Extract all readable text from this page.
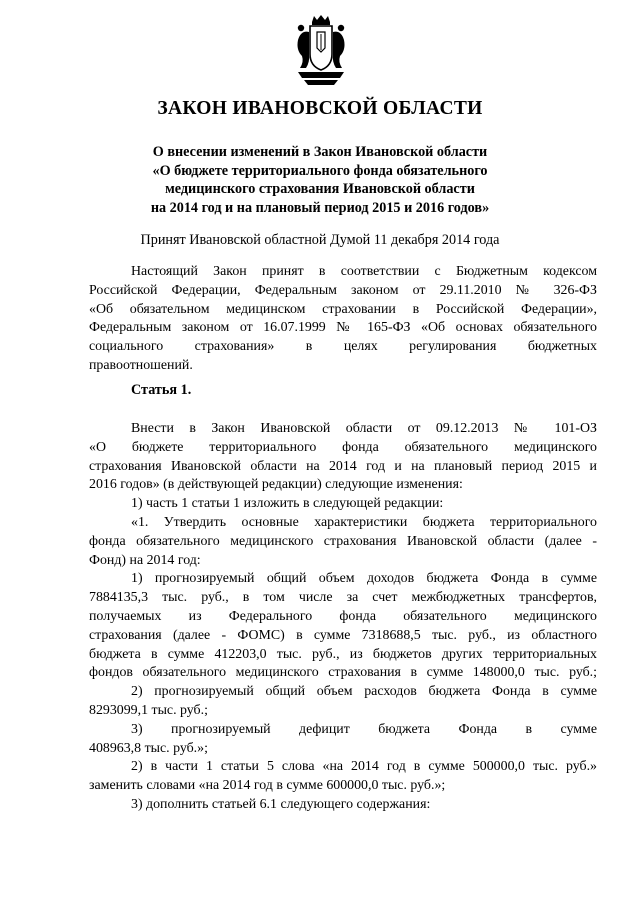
ЗАКОН ИВАНОВСКОЙ ОБЛАСТИ
О внесении изменений в Закон Ивановской области
«О бюджете территориального фонда обязательного
медицинского страхования Ивановской области
на 2014 год и на плановый период 2015 и 2016 годов»
Принят Ивановской областной Думой 11 декабря 2014 года
Настоящий Закон принят в соответствии с Бюджетным кодексом
Российской Федерации, Федеральным законом от 29.11.2010 № 326-ФЗ
«Об обязательном медицинском страховании в Российской Федерации»,
Федеральным законом от 16.07.1999 № 165-ФЗ «Об основах обязательного
социального страхования» в целях регулирования бюджетных
правоотношений.
Статья 1.
Внести в Закон Ивановской области от 09.12.2013 № 101-ОЗ
«О бюджете территориального фонда обязательного медицинского
страхования Ивановской области на 2014 год и на плановый период 2015 и
2016 годов» (в действующей редакции) следующие изменения:
1) часть 1 статьи 1 изложить в следующей редакции:
«1. Утвердить основные характеристики бюджета территориального
фонда обязательного медицинского страхования Ивановской области (далее -
Фонд) на 2014 год:
1) прогнозируемый общий объем доходов бюджета Фонда в сумме
7884135,3 тыс. руб., в том числе за счет межбюджетных трансфертов,
получаемых из Федерального фонда обязательного медицинского
страхования (далее - ФОМС) в сумме 7318688,5 тыс. руб., из областного
бюджета в сумме 412203,0 тыс. руб., из бюджетов других территориальных
фондов обязательного медицинского страхования в сумме 148000,0 тыс. руб.;
2) прогнозируемый общий объем расходов бюджета Фонда в сумме
8293099,1 тыс. руб.;
3) прогнозируемый дефицит бюджета Фонда в сумме
408963,8 тыс. руб.»;
2) в части 1 статьи 5 слова «на 2014 год в сумме 500000,0 тыс. руб.»
заменить словами «на 2014 год в сумме 600000,0 тыс. руб.»;
3) дополнить статьей 6.1 следующего содержания:
